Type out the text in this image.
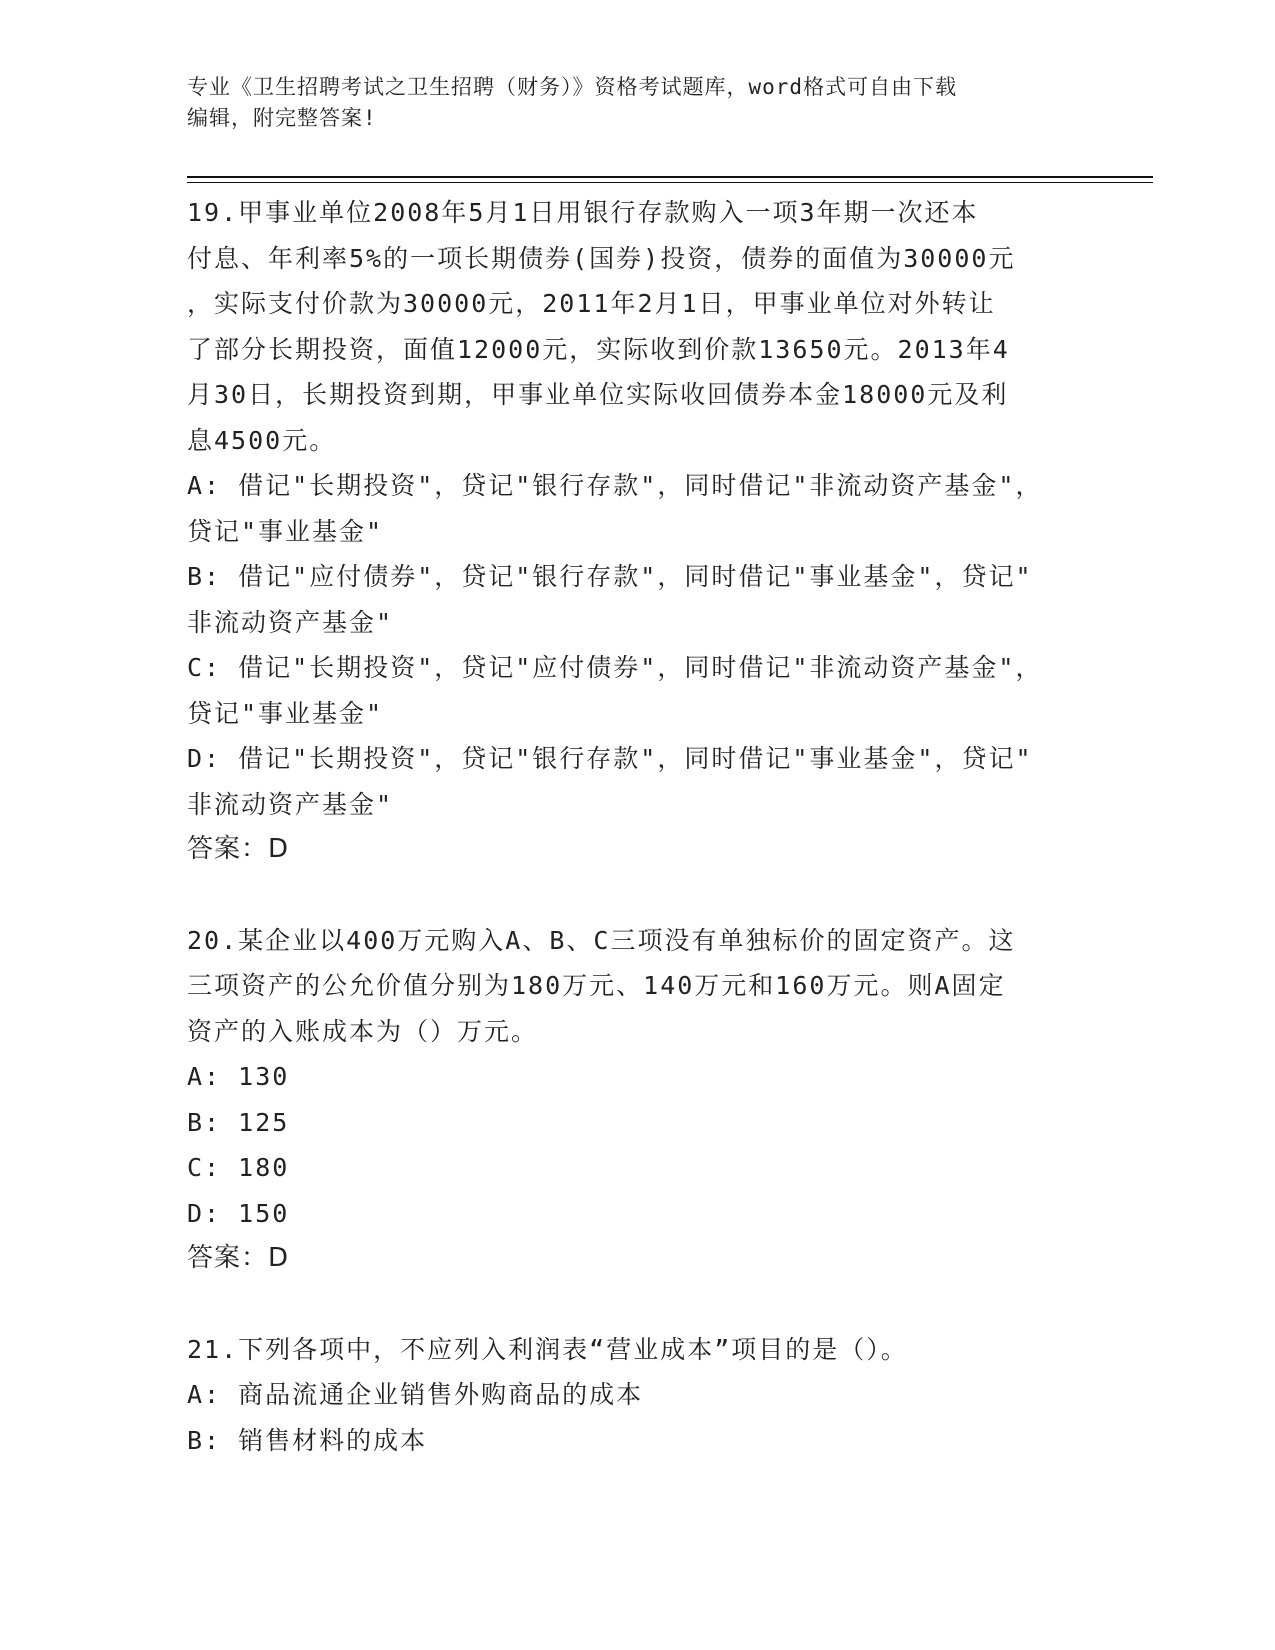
专业《卫生招聘考试之卫生招聘（财务）》资格考试题库，word格式可自由下载
编辑，附完整答案!

19.甲事业单位2008年5月1日用银行存款购入一项3年期一次还本

付息、年利率5%的一项长期债券(国券)投资，债券的面值为30000元

，实际支付价款为30000元，2011年2月1日，甲事业单位对外转让

了部分长期投资，面值12000元，实际收到价款13650元。2013年4

月30日，长期投资到期，甲事业单位实际收回债券本金18000元及利

息4500元。

A: 借记"长期投资"，贷记"银行存款"，同时借记"非流动资产基金"，

贷记"事业基金"

B: 借记"应付债券"，贷记"银行存款"，同时借记"事业基金"，贷记"

非流动资产基金"

C: 借记"长期投资"，贷记"应付债券"，同时借记"非流动资产基金"，

贷记"事业基金"

D: 借记"长期投资"，贷记"银行存款"，同时借记"事业基金"，贷记"

非流动资产基金"

答案：D

20.某企业以400万元购入A、B、C三项没有单独标价的固定资产。这

三项资产的公允价值分别为180万元、140万元和160万元。则A固定

资产的入账成本为（）万元。

A: 130

B: 125

C: 180

D: 150

答案：D

21.下列各项中，不应列入利润表“营业成本”项目的是（）。

A: 商品流通企业销售外购商品的成本

B: 销售材料的成本
